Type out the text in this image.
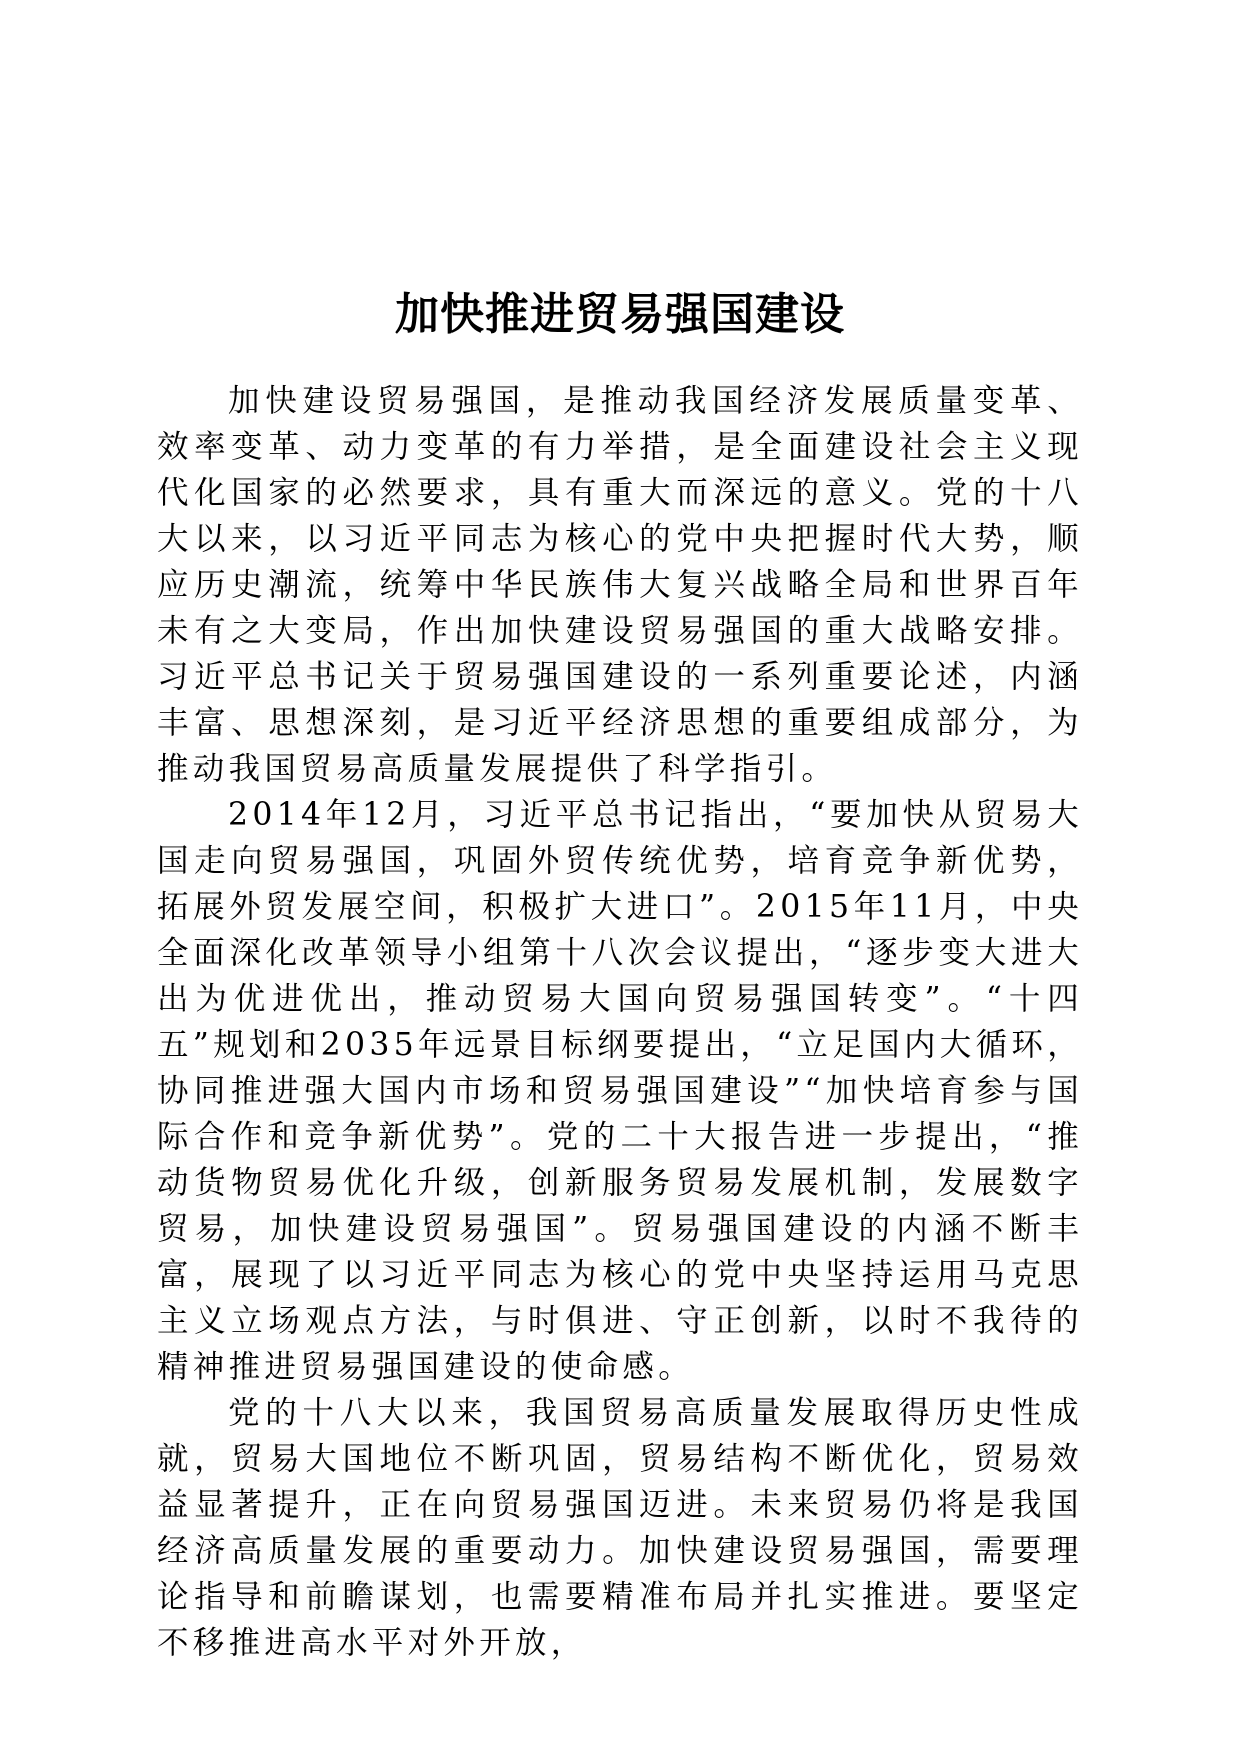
加快推进贸易强国建设

加快建设贸易强国，是推动我国经济发展质量变革、效率变革、动力变革的有力举措，是全面建设社会主义现代化国家的必然要求，具有重大而深远的意义。党的十八大以来，以习近平同志为核心的党中央把握时代大势，顺应历史潮流，统筹中华民族伟大复兴战略全局和世界百年未有之大变局，作出加快建设贸易强国的重大战略安排。习近平总书记关于贸易强国建设的一系列重要论述，内涵丰富、思想深刻，是习近平经济思想的重要组成部分，为推动我国贸易高质量发展提供了科学指引。

2014年12月，习近平总书记指出，“要加快从贸易大国走向贸易强国，巩固外贸传统优势，培育竞争新优势，拓展外贸发展空间，积极扩大进口”。2015年11月，中央全面深化改革领导小组第十八次会议提出，“逐步变大进大出为优进优出，推动贸易大国向贸易强国转变”。“十四五”规划和2035年远景目标纲要提出，“立足国内大循环，协同推进强大国内市场和贸易强国建设”“加快培育参与国际合作和竞争新优势”。党的二十大报告进一步提出，“推动货物贸易优化升级，创新服务贸易发展机制，发展数字贸易，加快建设贸易强国”。贸易强国建设的内涵不断丰富，展现了以习近平同志为核心的党中央坚持运用马克思主义立场观点方法，与时俱进、守正创新，以时不我待的精神推进贸易强国建设的使命感。

党的十八大以来，我国贸易高质量发展取得历史性成就，贸易大国地位不断巩固，贸易结构不断优化，贸易效益显著提升，正在向贸易强国迈进。未来贸易仍将是我国经济高质量发展的重要动力。加快建设贸易强国，需要理论指导和前瞻谋划，也需要精准布局并扎实推进。要坚定不移推进高水平对外开放，
